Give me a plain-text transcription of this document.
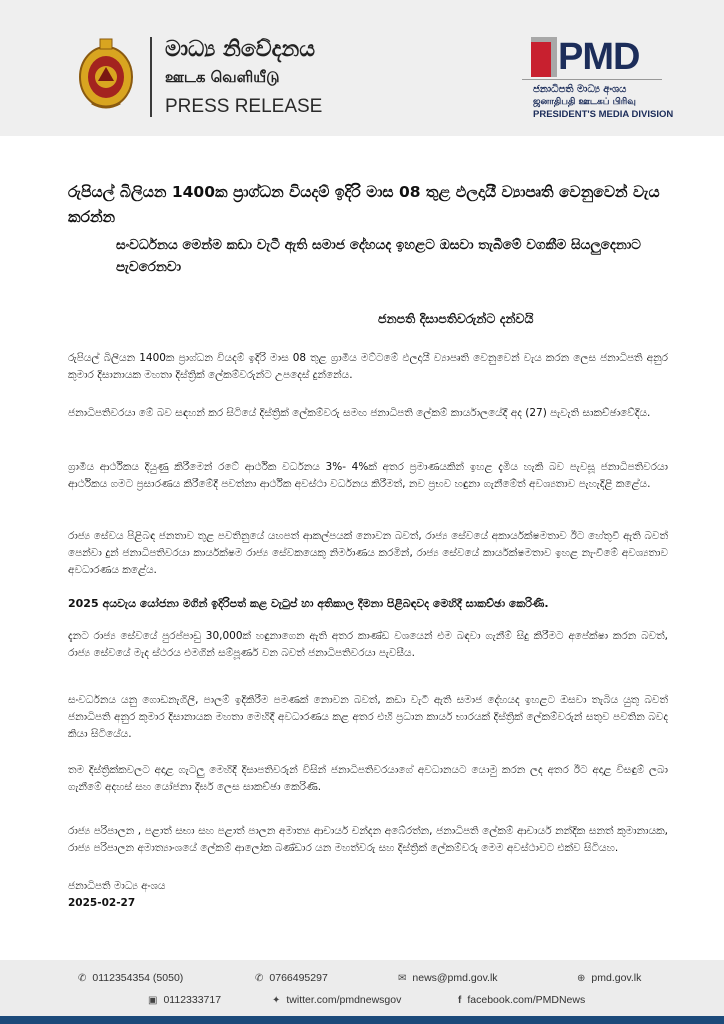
මාධ්‍ය නිවේදනය
ஊடக வெளியீடு
PRESS RELEASE
PMD
ජනාධිපති මාධ්‍ය අංශය
ஜனாதிபதி ஊடகப் பிரிவு
PRESIDENT'S MEDIA DIVISION
රුපියල් බිලියන 1400ක ප්‍රාග්ධන වියදම් ඉදිරි මාස 08 තුළ ඵලදායී ව්‍යාපෘති වෙනුවෙන් වැය කරන්න
සංවර්ධනය මෙන්ම කඩා වැටී ඇති සමාජ දේහයද ඉහළට ඔසවා තැබීමේ වගකීම සියලුදෙනාට පැවරෙනවා
ජනපති දිසාපතිවරුන්ට දන්වයි

රුපියල් බිලියන 1400ක ප්‍රාග්ධන වියදම් ඉදිරි මාස 08 තුළ ග්‍රාමීය මට්ටමේ ඵලදායී ව්‍යාපෘති වෙනුවෙන් වැය කරන ලෙස ජනාධිපති අනුර කුමාර දිසානායක මහතා දිස්ත්‍රික් ලේකම්වරුන්ට උපදෙස් දුන්නේය.

ජනාධිපතිවරයා මේ බව සඳහන් කර සිටියේ දිස්ත්‍රික් ලේකම්වරු සමඟ ජනාධිපති ලේකම් කාර්යාලයේදී අද (27) පැවැති සාකච්ඡාවේදිය.

ග්‍රාමීය ආර්ථිකය දියුණු කිරීමෙන් රටේ ආර්ථික වර්ධනය 3%- 4%ක් අතර ප්‍රමාණයකින් ඉහළ දැමිය හැකි බව පැවසූ ජනාධිපතිවරයා ආර්ථිකය ගමට ප්‍රසාරණය කිරීමේදී පවත්නා ආර්ථික අවස්ථා වර්ධනය කිරීමත්, නව ප්‍රභව හඳුනා ගැනීමේත් අවශ්‍යතාව පැහැදිළි කළේය.

රාජ්‍ය සේවය පිළිබඳ ජනතාව තුළ පවතිනුයේ යහපත් ආකල්පයක් නොවන බවත්, රාජ්‍ය සේවයේ අකාර්යක්ෂමතාව ඊට හේතුවී ඇති බවත් පෙන්වා දුන් ජනාධිපතිවරයා කාර්යක්ෂම රාජ්‍ය සේවකයෙකු නිර්මාණය කරමින්, රාජ්‍ය සේවයේ කාර්යක්ෂමතාව ඉහළ නැංවීමේ අවශ්‍යතාව අවධාරණය කළේය.

2025 අයවැය යෝජනා මගින් ඉදිරිපත් කළ වැටුප් හා අතිකාල දීමනා පිළිබඳවද මෙහිදී සාකච්ඡා කෙරිණි.

දැනට රාජ්‍ය සේවයේ පුරප්පාඩු 30,000ක් හඳුනාගෙන ඇති අතර කාණ්ඩ වශයෙන් එම බඳවා ගැනීම් සිදු කිරීමට අපේක්ෂා කරන බවත්, රාජ්‍ය සේවයේ මැද ස්ථරය එමගින් සම්පූර්ණ වන බවත් ජනාධිපතිවරයා පැවසීය.

සංවර්ධනය යනු ගොඩනැගිලි, පාලම් ඉදිකිරීම පමණක් නොවන බවත්, කඩා වැටී ඇති සමාජ දේහයද ඉහළට ඔසවා තැබිය යුතු බවත් ජනාධිපති අනුර කුමාර දිසානායක මහතා මෙහිදී අවධාරණය කළ අතර එහි ප්‍රධාන කාර්ය භාරයක් දිස්ත්‍රික් ලේකම්වරුන් සතුව පවතින බවද කියා සිටියේය.

තම දිස්ත්‍රික්කවලට අදාළ ගැටලු මෙහිදී දිසාපතිවරුන් විසින් ජනාධිපතිවරයාගේ අවධානයට යොමු කරන ලද අතර ඊට අදාළ විසඳුම් ලබා ගැනීමේ අදහස් සහ යෝජනා දීර්ඝ ලෙස සාකච්ඡා කෙරිණි.

රාජ්‍ය පරිපාලන , පළාත් සභා සහ පළාත් පාලන අමාත්‍ය ආචාර්ය චන්දන අබේරත්න, ජනාධිපති ලේකම් ආචාර්ය නන්දික සනත් කුමානායක, රාජ්‍ය පරිපාලන අමාත්‍යාංශයේ ලේකම් ආලෝක බණ්ඩාර යන මහත්වරු සහ දිස්ත්‍රික් ලේකම්වරු මෙම අවස්ථාවට එක්ව සිටියහ.

ජනාධිපති මාධ්‍ය අංශය
2025-02-27
✆ 0112354354 (5050)	✆ 0766495297	✉ news@pmd.gov.lk	⊕ pmd.gov.lk
▣ 0112333717	✦ twitter.com/pmdnewsgov	f facebook.com/PMDNews
